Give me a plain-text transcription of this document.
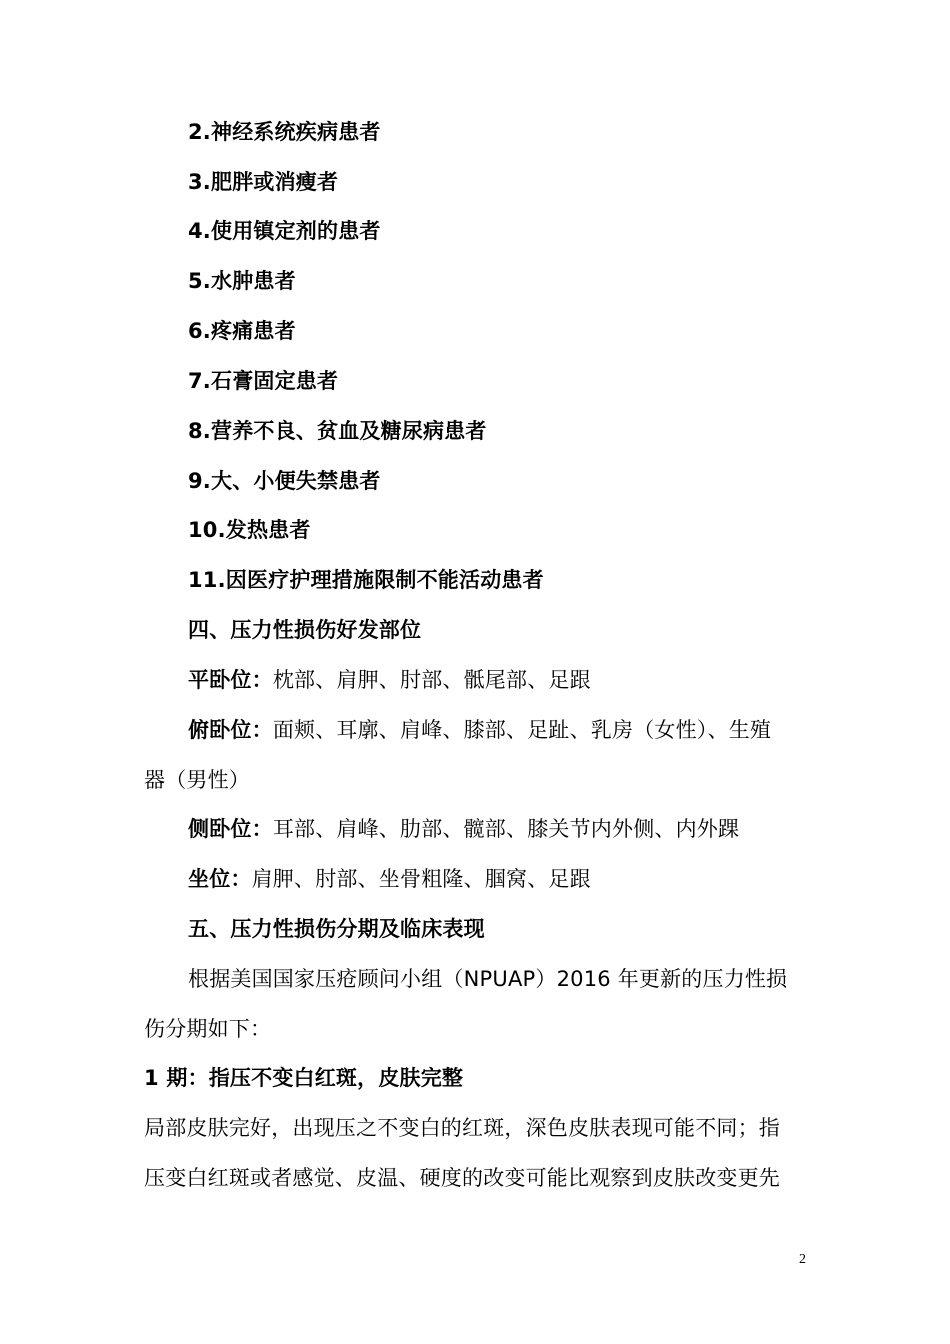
2.神经系统疾病患者
3.肥胖或消瘦者
4.使用镇定剂的患者
5.水肿患者
6.疼痛患者
7.石膏固定患者
8.营养不良、贫血及糖尿病患者
9.大、小便失禁患者
10.发热患者
11.因医疗护理措施限制不能活动患者
四、压力性损伤好发部位
平卧位：枕部、肩胛、肘部、骶尾部、足跟
俯卧位：面颊、耳廓、肩峰、膝部、足趾、乳房（女性）、生殖
器（男性）
侧卧位：耳部、肩峰、肋部、髋部、膝关节内外侧、内外踝
坐位：肩胛、肘部、坐骨粗隆、腘窝、足跟
五、压力性损伤分期及临床表现
根据美国国家压疮顾问小组（NPUAP）2016 年更新的压力性损
伤分期如下：
1 期：指压不变白红斑，皮肤完整
局部皮肤完好，出现压之不变白的红斑，深色皮肤表现可能不同；指
压变白红斑或者感觉、皮温、硬度的改变可能比观察到皮肤改变更先
2
